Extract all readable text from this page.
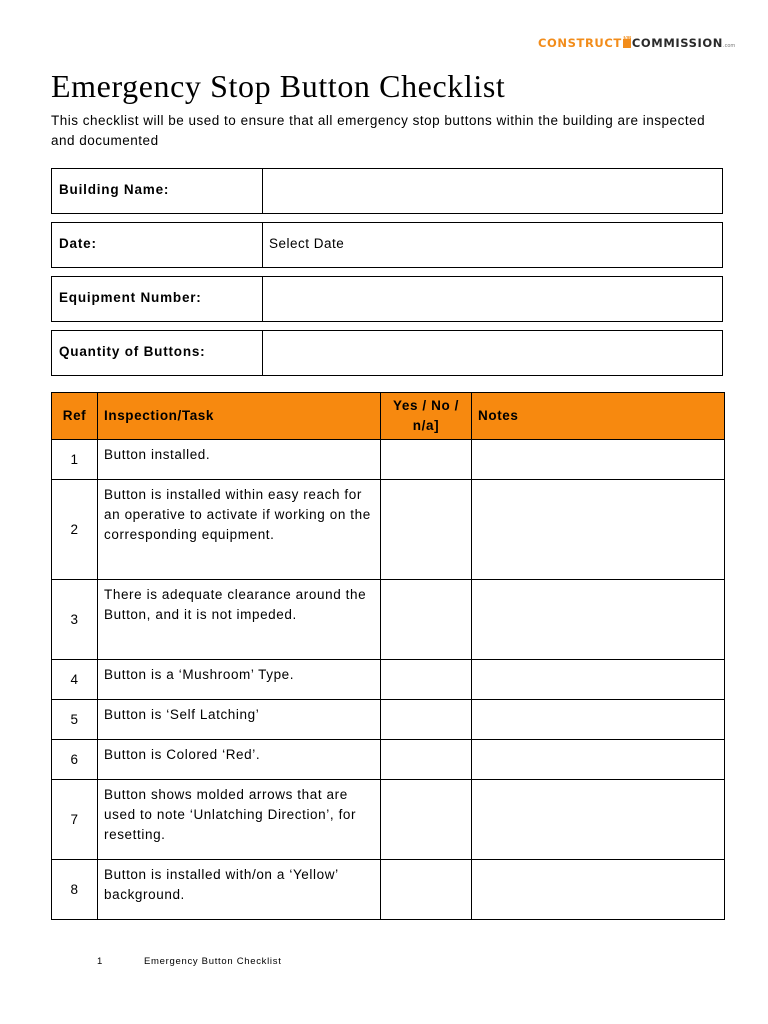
CONSTRUCT INTO
COMMISSION .com
Emergency Stop Button Checklist

This checklist will be used to ensure that all emergency stop buttons within the building are inspected and documented

Building Name:
Date:	Select Date
Equipment Number:
Quantity of Buttons:
Ref	Inspection/Task	Yes / No / n/a]	Notes
1	Button installed.		
2	Button is installed within easy reach for an operative to activate if working on the corresponding equipment.		
3	There is adequate clearance around the Button, and it is not impeded.		
4	Button is a ‘Mushroom’ Type.		
5	Button is ‘Self Latching’		
6	Button is Colored ‘Red’.		
7	Button shows molded arrows that are used to note ‘Unlatching Direction’, for resetting.		
8	Button is installed with/on a ‘Yellow’ background.		
1	Emergency Button Checklist
